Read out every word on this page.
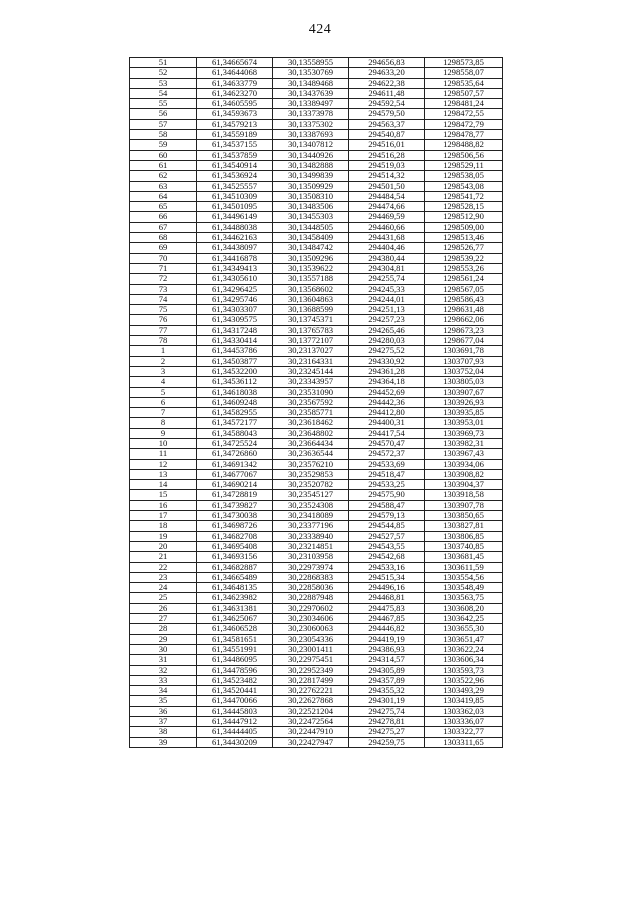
424
51	61,34665674	30,13558955	294656,83	1298573,85
52	61,34644068	30,13530769	294633,20	1298558,07
53	61,34633779	30,13489468	294622,38	1298535,64
54	61,34623270	30,13437639	294611,48	1298507,57
55	61,34605595	30,13389497	294592,54	1298481,24
56	61,34593673	30,13373978	294579,50	1298472,55
57	61,34579213	30,13375302	294563,37	1298472,79
58	61,34559189	30,13387693	294540,87	1298478,77
59	61,34537155	30,13407812	294516,01	1298488,82
60	61,34537859	30,13440926	294516,28	1298506,56
61	61,34540914	30,13482888	294519,03	1298529,11
62	61,34536924	30,13499839	294514,32	1298538,05
63	61,34525557	30,13509929	294501,50	1298543,08
64	61,34510309	30,13508310	294484,54	1298541,72
65	61,34501095	30,13483506	294474,66	1298528,15
66	61,34496149	30,13455303	294469,59	1298512,90
67	61,34488038	30,13448505	294460,66	1298509,00
68	61,34462163	30,13458409	294431,68	1298513,46
69	61,34438097	30,13484742	294404,46	1298526,77
70	61,34416878	30,13509296	294380,44	1298539,22
71	61,34349413	30,13539622	294304,81	1298553,26
72	61,34305610	30,13557188	294255,74	1298561,24
73	61,34296425	30,13568602	294245,33	1298567,05
74	61,34295746	30,13604863	294244,01	1298586,43
75	61,34303307	30,13688599	294251,13	1298631,48
76	61,34309575	30,13745371	294257,23	1298662,06
77	61,34317248	30,13765783	294265,46	1298673,23
78	61,34330414	30,13772107	294280,03	1298677,04
1	61,34453786	30,23137027	294275,52	1303691,78
2	61,34503877	30,23164331	294330,92	1303707,93
3	61,34532200	30,23245144	294361,28	1303752,04
4	61,34536112	30,23343957	294364,18	1303805,03
5	61,34618038	30,23531090	294452,69	1303907,67
6	61,34609248	30,23567592	294442,36	1303926,93
7	61,34582955	30,23585771	294412,80	1303935,85
8	61,34572177	30,23618462	294400,31	1303953,01
9	61,34588043	30,23648802	294417,54	1303969,73
10	61,34725524	30,23664434	294570,47	1303982,31
11	61,34726860	30,23636544	294572,37	1303967,43
12	61,34691342	30,23576210	294533,69	1303934,06
13	61,34677067	30,23529853	294518,47	1303908,82
14	61,34690214	30,23520782	294533,25	1303904,37
15	61,34728819	30,23545127	294575,90	1303918,58
16	61,34739827	30,23524308	294588,47	1303907,78
17	61,34730038	30,23418089	294579,13	1303850,65
18	61,34698726	30,23377196	294544,85	1303827,81
19	61,34682708	30,23338940	294527,57	1303806,85
20	61,34695408	30,23214851	294543,55	1303740,85
21	61,34693156	30,23103958	294542,68	1303681,45
22	61,34682887	30,22973974	294533,16	1303611,59
23	61,34665489	30,22868383	294515,34	1303554,56
24	61,34648135	30,22858036	294496,16	1303548,49
25	61,34623982	30,22887948	294468,81	1303563,75
26	61,34631381	30,22970602	294475,83	1303608,20
27	61,34625067	30,23034606	294467,85	1303642,25
28	61,34606528	30,23060063	294446,82	1303655,30
29	61,34581651	30,23054336	294419,19	1303651,47
30	61,34551991	30,23001411	294386,93	1303622,24
31	61,34486095	30,22975451	294314,57	1303606,34
32	61,34478596	30,22952349	294305,89	1303593,73
33	61,34523482	30,22817499	294357,89	1303522,96
34	61,34520441	30,22762221	294355,32	1303493,29
35	61,34470066	30,22627868	294301,19	1303419,85
36	61,34445803	30,22521204	294275,74	1303362,03
37	61,34447912	30,22472564	294278,81	1303336,07
38	61,34444405	30,22447910	294275,27	1303322,77
39	61,34430209	30,22427947	294259,75	1303311,65
